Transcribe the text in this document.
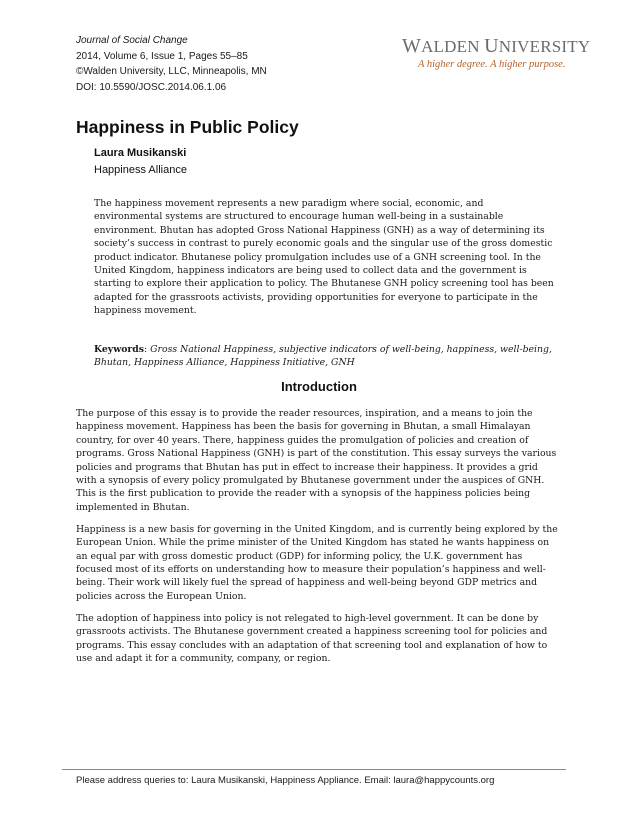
Journal of Social Change
2014, Volume 6, Issue 1, Pages 55–85
©Walden University, LLC, Minneapolis, MN
DOI: 10.5590/JOSC.2014.06.1.06
WALDEN UNIVERSITY
A higher degree. A higher purpose.
Happiness in Public Policy
Laura Musikanski
Happiness Alliance
The happiness movement represents a new paradigm where social, economic, and environmental systems are structured to encourage human well-being in a sustainable environment. Bhutan has adopted Gross National Happiness (GNH) as a way of determining its society’s success in contrast to purely economic goals and the singular use of the gross domestic product indicator. Bhutanese policy promulgation includes use of a GNH screening tool. In the United Kingdom, happiness indicators are being used to collect data and the government is starting to explore their application to policy. The Bhutanese GNH policy screening tool has been adapted for the grassroots activists, providing opportunities for everyone to participate in the happiness movement.
Keywords: Gross National Happiness, subjective indicators of well-being, happiness, well-being, Bhutan, Happiness Alliance, Happiness Initiative, GNH
Introduction

The purpose of this essay is to provide the reader resources, inspiration, and a means to join the happiness movement. Happiness has been the basis for governing in Bhutan, a small Himalayan country, for over 40 years. There, happiness guides the promulgation of policies and creation of programs. Gross National Happiness (GNH) is part of the constitution. This essay surveys the various policies and programs that Bhutan has put in effect to increase their happiness. It provides a grid with a synopsis of every policy promulgated by Bhutanese government under the auspices of GNH. This is the first publication to provide the reader with a synopsis of the happiness policies being implemented in Bhutan.

Happiness is a new basis for governing in the United Kingdom, and is currently being explored by the European Union. While the prime minister of the United Kingdom has stated he wants happiness on an equal par with gross domestic product (GDP) for informing policy, the U.K. government has focused most of its efforts on understanding how to measure their population’s happiness and well-being. Their work will likely fuel the spread of happiness and well-being beyond GDP metrics and policies across the European Union.

The adoption of happiness into policy is not relegated to high-level government. It can be done by grassroots activists. The Bhutanese government created a happiness screening tool for policies and programs. This essay concludes with an adaptation of that screening tool and explanation of how to use and adapt it for a community, company, or region.

Please address queries to: Laura Musikanski, Happiness Appliance. Email: laura@happycounts.org
